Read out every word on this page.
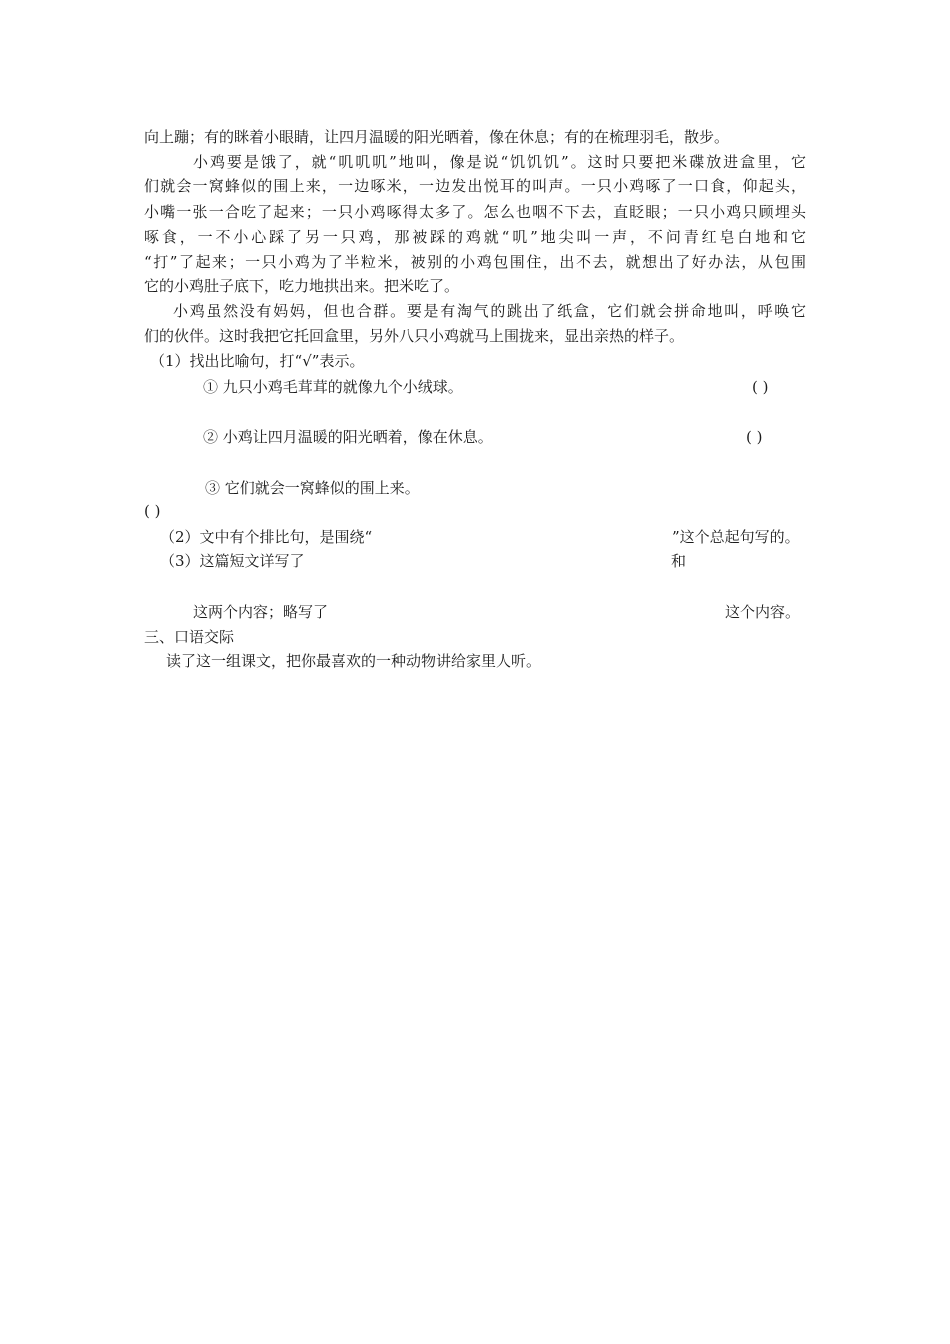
向上蹦；有的眯着小眼睛，让四月温暖的阳光晒着，像在休息；有的在梳理羽毛，散步。
小鸡要是饿了，就“叽叽叽”地叫，像是说“饥饥饥”。这时只要把米碟放进盒里，它
们就会一窝蜂似的围上来，一边啄米，一边发出悦耳的叫声。一只小鸡啄了一口食，仰起头，
小嘴一张一合吃了起来；一只小鸡啄得太多了。怎么也咽不下去，直眨眼；一只小鸡只顾埋头
啄食，一不小心踩了另一只鸡，那被踩的鸡就“叽”地尖叫一声，不问青红皂白地和它
“打”了起来；一只小鸡为了半粒米，被别的小鸡包围住，出不去，就想出了好办法，从包围
它的小鸡肚子底下，吃力地拱出来。把米吃了。
小鸡虽然没有妈妈，但也合群。要是有淘气的跳出了纸盒，它们就会拼命地叫，呼唤它
们的伙伴。这时我把它托回盒里，另外八只小鸡就马上围拢来，显出亲热的样子。
（1）找出比喻句，打“√”表示。
① 九只小鸡毛茸茸的就像九个小绒球。	( )
② 小鸡让四月温暖的阳光晒着，像在休息。	( )
③ 它们就会一窝蜂似的围上来。
( )
（2）文中有个排比句，是围绕“	”这个总起句写的。
（3）这篇短文详写了	和
这两个内容；略写了	这个内容。
三、口语交际
读了这一组课文，把你最喜欢的一种动物讲给家里人听。
